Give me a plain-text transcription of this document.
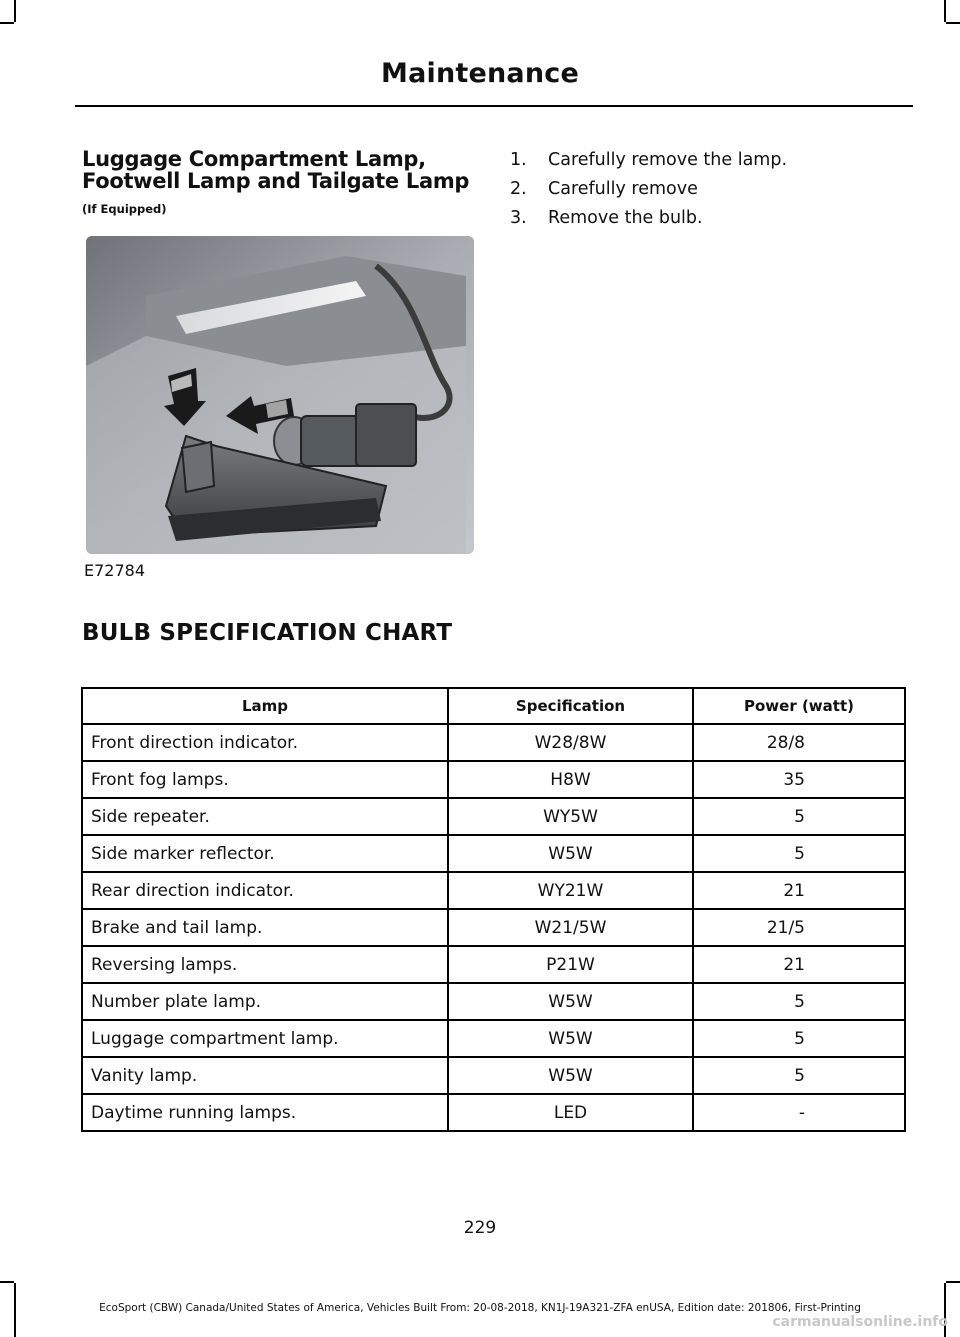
Maintenance
Luggage Compartment Lamp,
Footwell Lamp and Tailgate Lamp
(If Equipped)
E72784
1.	Carefully remove the lamp.
2.	Carefully remove
3.	Remove the bulb.
BULB SPECIFICATION CHART
Lamp	Specification	Power (watt)
Front direction indicator.	W28/8W	28/8
Front fog lamps.	H8W	35
Side repeater.	WY5W	5
Side marker reflector.	W5W	5
Rear direction indicator.	WY21W	21
Brake and tail lamp.	W21/5W	21/5
Reversing lamps.	P21W	21
Number plate lamp.	W5W	5
Luggage compartment lamp.	W5W	5
Vanity lamp.	W5W	5
Daytime running lamps.	LED	-
229
EcoSport (CBW) Canada/United States of America, Vehicles Built From: 20-08-2018, KN1J-19A321-ZFA enUSA, Edition date: 201806, First-Printing
carmanualsonline.info
